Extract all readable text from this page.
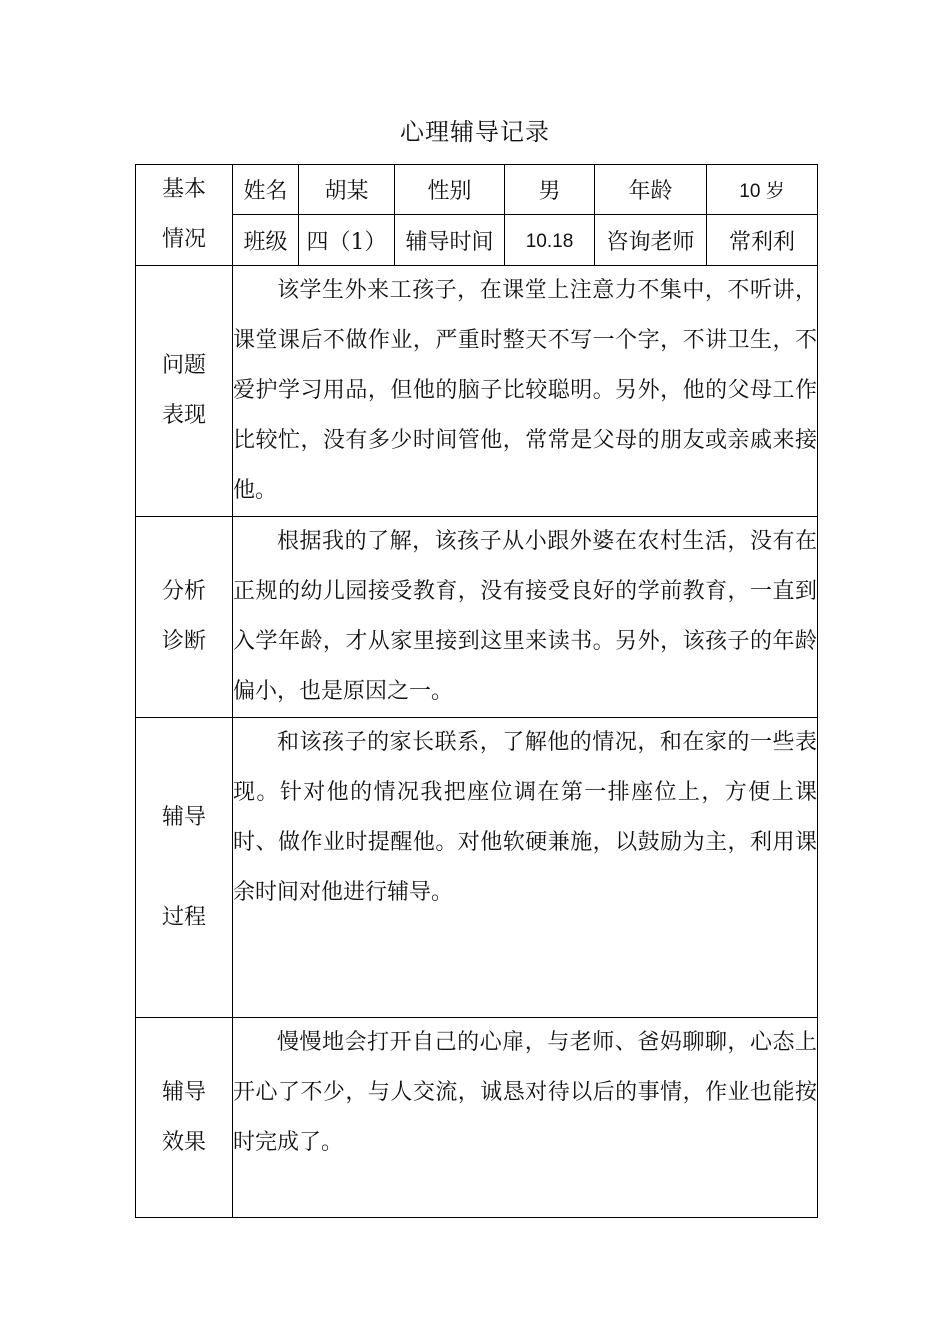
心理辅导记录
基本
情况	姓名	胡某	性别	男	年龄	10 岁
	班级	四（1）	辅导时间	10.18	咨询老师	常利利

问题
表现	该学生外来工孩子，在课堂上注意力不集中，不听讲，课堂课后不做作业，严重时整天不写一个字，不讲卫生，不爱护学习用品，但他的脑子比较聪明。另外，他的父母工作比较忙，没有多少时间管他，常常是父母的朋友或亲戚来接他。					

分析
诊断	根据我的了解，该孩子从小跟外婆在农村生活，没有在正规的幼儿园接受教育，没有接受良好的学前教育，一直到入学年龄，才从家里接到这里来读书。另外，该孩子的年龄偏小，也是原因之一。					

辅导
过程	和该孩子的家长联系，了解他的情况，和在家的一些表现。针对他的情况我把座位调在第一排座位上，方便上课时、做作业时提醒他。对他软硬兼施，以鼓励为主，利用课余时间对他进行辅导。					

辅导
效果	慢慢地会打开自己的心扉，与老师、爸妈聊聊，心态上开心了不少，与人交流，诚恳对待以后的事情，作业也能按时完成了。					
